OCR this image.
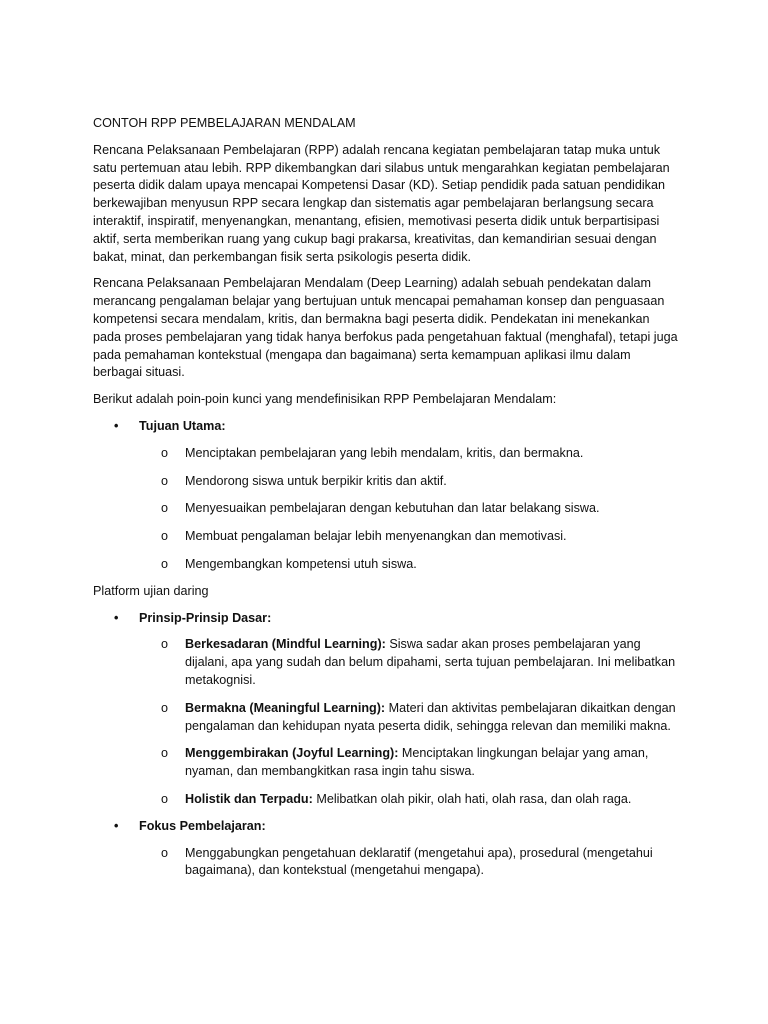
CONTOH RPP PEMBELAJARAN MENDALAM

Rencana Pelaksanaan Pembelajaran (RPP) adalah rencana kegiatan pembelajaran tatap muka untuk satu pertemuan atau lebih. RPP dikembangkan dari silabus untuk mengarahkan kegiatan pembelajaran peserta didik dalam upaya mencapai Kompetensi Dasar (KD). Setiap pendidik pada satuan pendidikan berkewajiban menyusun RPP secara lengkap dan sistematis agar pembelajaran berlangsung secara interaktif, inspiratif, menyenangkan, menantang, efisien, memotivasi peserta didik untuk berpartisipasi aktif, serta memberikan ruang yang cukup bagi prakarsa, kreativitas, dan kemandirian sesuai dengan bakat, minat, dan perkembangan fisik serta psikologis peserta didik.

Rencana Pelaksanaan Pembelajaran Mendalam (Deep Learning) adalah sebuah pendekatan dalam merancang pengalaman belajar yang bertujuan untuk mencapai pemahaman konsep dan penguasaan kompetensi secara mendalam, kritis, dan bermakna bagi peserta didik. Pendekatan ini menekankan pada proses pembelajaran yang tidak hanya berfokus pada pengetahuan faktual (menghafal), tetapi juga pada pemahaman kontekstual (mengapa dan bagaimana) serta kemampuan aplikasi ilmu dalam berbagai situasi.

Berikut adalah poin-poin kunci yang mendefinisikan RPP Pembelajaran Mendalam:

• Tujuan Utama:
o Menciptakan pembelajaran yang lebih mendalam, kritis, dan bermakna.
o Mendorong siswa untuk berpikir kritis dan aktif.
o Menyesuaikan pembelajaran dengan kebutuhan dan latar belakang siswa.
o Membuat pengalaman belajar lebih menyenangkan dan memotivasi.
o Mengembangkan kompetensi utuh siswa.

Platform ujian daring

• Prinsip-Prinsip Dasar:
o Berkesadaran (Mindful Learning): Siswa sadar akan proses pembelajaran yang dijalani, apa yang sudah dan belum dipahami, serta tujuan pembelajaran. Ini melibatkan metakognisi.
o Bermakna (Meaningful Learning): Materi dan aktivitas pembelajaran dikaitkan dengan pengalaman dan kehidupan nyata peserta didik, sehingga relevan dan memiliki makna.
o Menggembirakan (Joyful Learning): Menciptakan lingkungan belajar yang aman, nyaman, dan membangkitkan rasa ingin tahu siswa.
o Holistik dan Terpadu: Melibatkan olah pikir, olah hati, olah rasa, dan olah raga.
• Fokus Pembelajaran:
o Menggabungkan pengetahuan deklaratif (mengetahui apa), prosedural (mengetahui bagaimana), dan kontekstual (mengetahui mengapa).
